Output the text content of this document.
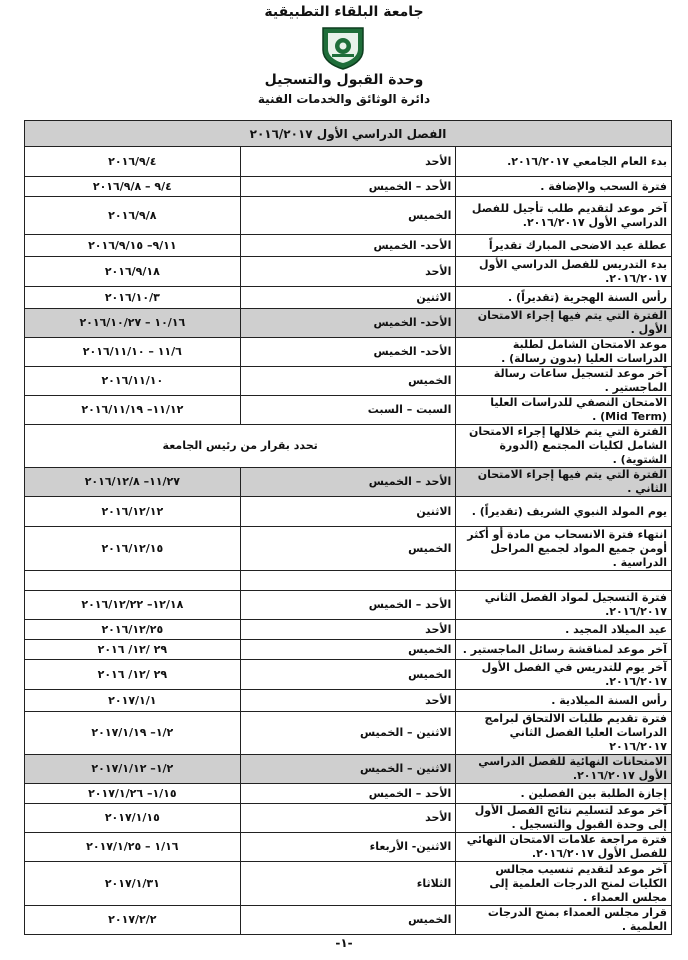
جامعة البلقاء التطبيقية
وحدة القبول والتسجيل
دائرة الوثائق والخدمات الفنية
الفصل الدراسي الأول ٢٠١٦/٢٠١٧		
بدء العام الجامعي ٢٠١٦/٢٠١٧.	الأحد	٢٠١٦/٩/٤
فترة السحب والإضافة .	الأحد – الخميس	٩/٤ – ٢٠١٦/٩/٨
آخر موعد لتقديم طلب تأجيل للفصل الدراسي الأول ٢٠١٦/٢٠١٧.	الخميس	٢٠١٦/٩/٨
عطلة عيد الاضحى المبارك تقديراً	الأحد- الخميس	٩/١١– ٢٠١٦/٩/١٥
بدء التدريس للفصل الدراسي الأول ٢٠١٦/٢٠١٧.	الأحد	٢٠١٦/٩/١٨
رأس السنة الهجرية (تقديراً) .	الاثنين	٢٠١٦/١٠/٣
الفترة التي يتم فيها إجراء الامتحان الأول .	الأحد- الخميس	١٠/١٦ – ٢٠١٦/١٠/٢٧
موعد الامتحان الشامل لطلبة الدراسات العليا (بدون رسالة) .	الأحد- الخميس	١١/٦ – ٢٠١٦/١١/١٠
آخر موعد لتسجيل ساعات رسالة الماجستير .	الخميس	٢٠١٦/١١/١٠
الامتحان النصفي للدراسات العليا (Mid Term) .	السبت – السبت	١١/١٢– ٢٠١٦/١١/١٩
الفترة التي يتم خلالها إجراء الامتحان الشامل لكليات المجتمع (الدورة الشتوية) .	تحدد بقرار من رئيس الجامعة	
الفترة التي يتم فيها إجراء الامتحان الثاني .	الأحد – الخميس	١١/٢٧– ٢٠١٦/١٢/٨
يوم المولد النبوي الشريف (تقديراً) .	الاثنين	٢٠١٦/١٢/١٢
انتهاء فترة الانسحاب من مادة أو أكثر أومن جميع المواد لجميع المراحل الدراسية .	الخميس	٢٠١٦/١٢/١٥

فترة التسجيل لمواد الفصل الثاني ٢٠١٦/٢٠١٧.	الأحد – الخميس	١٢/١٨– ٢٠١٦/١٢/٢٢
عيد الميلاد المجيد .	الأحد	٢٠١٦/١٢/٢٥
آخر موعد لمناقشة رسائل الماجستير .	الخميس	٢٩ /١٢/ ٢٠١٦
آخر يوم للتدريس في الفصل الأول ٢٠١٦/٢٠١٧.	الخميس	٢٩ /١٢/ ٢٠١٦
رأس السنة الميلادية .	الأحد	٢٠١٧/١/١
فترة تقديم طلبات الالتحاق لبرامج الدراسات العليا الفصل الثاني ٢٠١٦/٢٠١٧	الاثنين – الخميس	١/٢– ٢٠١٧/١/١٩
الامتحانات النهائية للفصل الدراسي الأول ٢٠١٦/٢٠١٧.	الاثنين – الخميس	١/٢– ٢٠١٧/١/١٢
إجازة الطلبة بين الفصلين .	الأحد – الخميس	١/١٥– ٢٠١٧/١/٢٦
آخر موعد لتسليم نتائج الفصل الأول إلى وحدة القبول والتسجيل .	الأحد	٢٠١٧/١/١٥
فترة مراجعة علامات الامتحان النهائي للفصل الأول ٢٠١٦/٢٠١٧.	الاثنين- الأربعاء	١/١٦ – ٢٠١٧/١/٢٥
آخر موعد لتقديم تنسيب مجالس الكليات لمنح الدرجات العلمية إلى مجلس العمداء .	الثلاثاء	٢٠١٧/١/٣١
قرار مجلس العمداء بمنح الدرجات العلمية .	الخميس	٢٠١٧/٢/٢
-١-
